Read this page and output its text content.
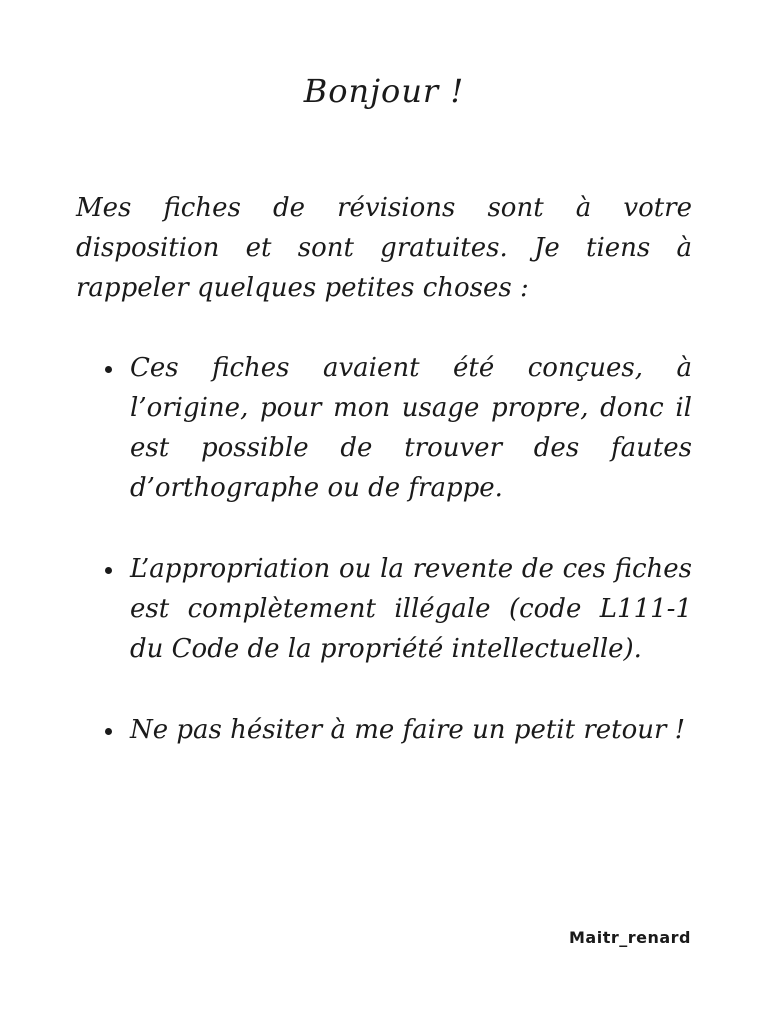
Bonjour !

Mes fiches de révisions sont à votre disposition et sont gratuites. Je tiens à rappeler quelques petites choses :

Ces fiches avaient été conçues, à l’origine, pour mon usage propre, donc il est possible de trouver des fautes d’orthographe ou de frappe.
L’appropriation ou la revente de ces fiches est complètement illégale (code L111-1 du Code de la propriété intellectuelle).
Ne pas hésiter à me faire un petit retour !
Maitr_renard
